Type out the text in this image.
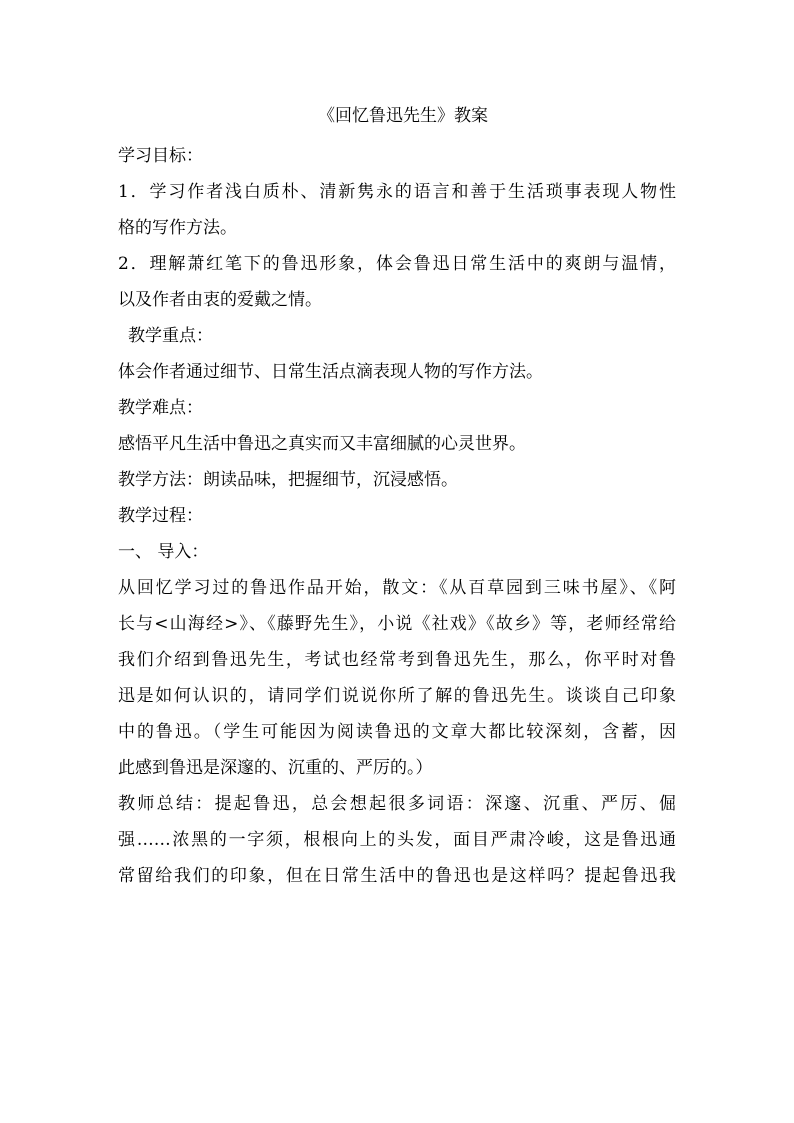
《回忆鲁迅先生》教案

学习目标：

1．学习作者浅白质朴、清新隽永的语言和善于生活琐事表现人物性

格的写作方法。

2．理解萧红笔下的鲁迅形象，体会鲁迅日常生活中的爽朗与温情，

以及作者由衷的爱戴之情。

教学重点：

体会作者通过细节、日常生活点滴表现人物的写作方法。

教学难点：

感悟平凡生活中鲁迅之真实而又丰富细腻的心灵世界。

教学方法：朗读品味，把握细节，沉浸感悟。

教学过程：

一、 导入：

从回忆学习过的鲁迅作品开始，散文：《从百草园到三味书屋》、《阿

长与<山海经>》、《藤野先生》，小说《社戏》《故乡》等，老师经常给

我们介绍到鲁迅先生，考试也经常考到鲁迅先生，那么，你平时对鲁

迅是如何认识的，请同学们说说你所了解的鲁迅先生。谈谈自己印象

中的鲁迅。（学生可能因为阅读鲁迅的文章大都比较深刻，含蓄，因

此感到鲁迅是深邃的、沉重的、严厉的。）

教师总结：提起鲁迅，总会想起很多词语：深邃、沉重、严厉、倔

强……浓黑的一字须，根根向上的头发，面目严肃冷峻，这是鲁迅通

常留给我们的印象，但在日常生活中的鲁迅也是这样吗？提起鲁迅我
